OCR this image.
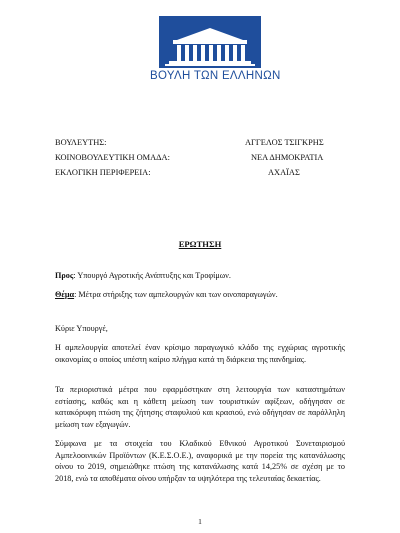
ΒΟΥΛΗ ΤΩΝ ΕΛΛΗΝΩΝ
ΒΟΥΛΕΥΤΗΣ:	ΑΓΓΕΛΟΣ ΤΣΙΓΚΡΗΣ
ΚΟΙΝΟΒΟΥΛΕΥΤΙΚΗ ΟΜΑΔΑ:	ΝΕΑ ΔΗΜΟΚΡΑΤΙΑ
ΕΚΛΟΓΙΚΗ ΠΕΡΙΦΕΡΕΙΑ:	ΑΧΑΪΑΣ
ΕΡΩΤΗΣΗ
Προς: Υπουργό Αγροτικής Ανάπτυξης και Τροφίμων.
Θέμα: Μέτρα στήριξης των αμπελουργών και των οινοπαραγωγών.
Κύριε Υπουργέ,
Η αμπελουργία αποτελεί έναν κρίσιμο παραγωγικό κλάδο της εγχώριας αγροτικής οικονομίας ο οποίος υπέστη καίριο πλήγμα κατά τη διάρκεια της πανδημίας.
Τα περιοριστικά μέτρα που εφαρμόστηκαν στη λειτουργία των καταστημάτων εστίασης, καθώς και η κάθετη μείωση των τουριστικών αφίξεων, οδήγησαν σε κατακόρυφη πτώση της ζήτησης σταφυλιού και κρασιού, ενώ οδήγησαν σε παράλληλη μείωση των εξαγωγών.
Σύμφωνα με τα στοιχεία του Κλαδικού Εθνικού Αγροτικού Συνεταιρισμού Αμπελοοινικών Προϊόντων (Κ.Ε.Σ.Ο.Ε.), αναφορικά με την πορεία της κατανάλωσης οίνου το 2019, σημειώθηκε πτώση της κατανάλωσης κατά 14,25% σε σχέση με το 2018, ενώ τα αποθέματα οίνου υπήρξαν τα υψηλότερα της τελευταίας δεκαετίας.
1
